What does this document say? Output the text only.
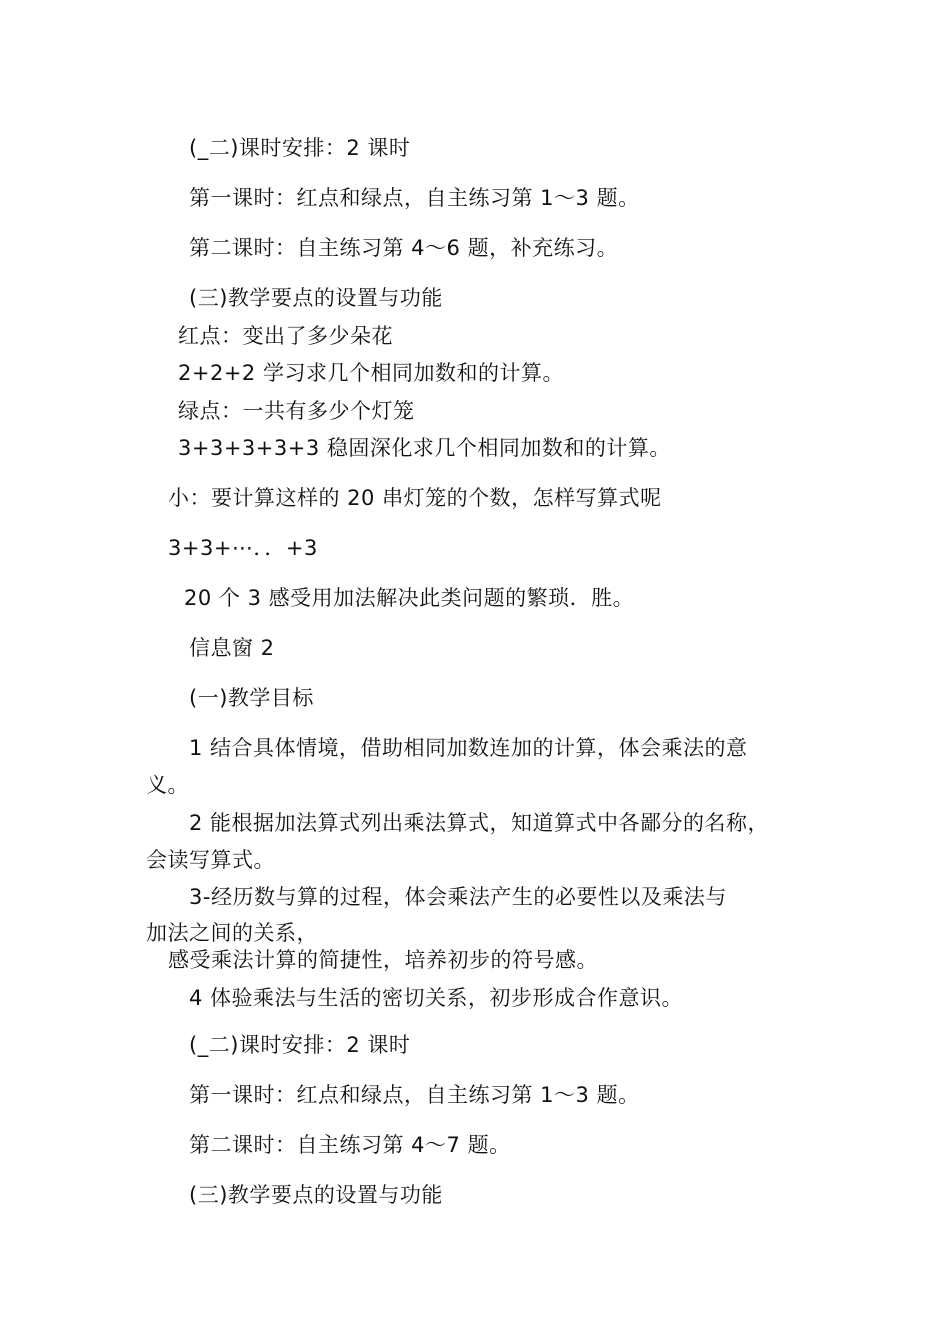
(_二)课时安排：2 课时
第一课时：红点和绿点，自主练习第 1～3 题。
第二课时：自主练习第 4～6 题，补充练习。
(三)教学要点的设置与功能
红点：变出了多少朵花
2+2+2 学习求几个相同加数和的计算。
绿点：一共有多少个灯笼
3+3+3+3+3 稳固深化求几个相同加数和的计算。
小：要计算这样的 20 串灯笼的个数，怎样写算式呢
3+3+⋯．．+3
20 个 3 感受用加法解决此类问题的繁琐．胜。
信息窗 2
(一)教学目标
1 结合具体情境，借助相同加数连加的计算，体会乘法的意
义。
2 能根据加法算式列出乘法算式，知道算式中各鄙分的名称，
会读写算式。
3-经历数与算的过程，体会乘法产生的必要性以及乘法与
加法之间的关系，
感受乘法计算的简捷性，培养初步的符号感。
4 体验乘法与生活的密切关系，初步形成合作意识。
(_二)课时安排：2 课时
第一课时：红点和绿点，自主练习第 1～3 题。
第二课时：自主练习第 4～7 题。
(三)教学要点的设置与功能
